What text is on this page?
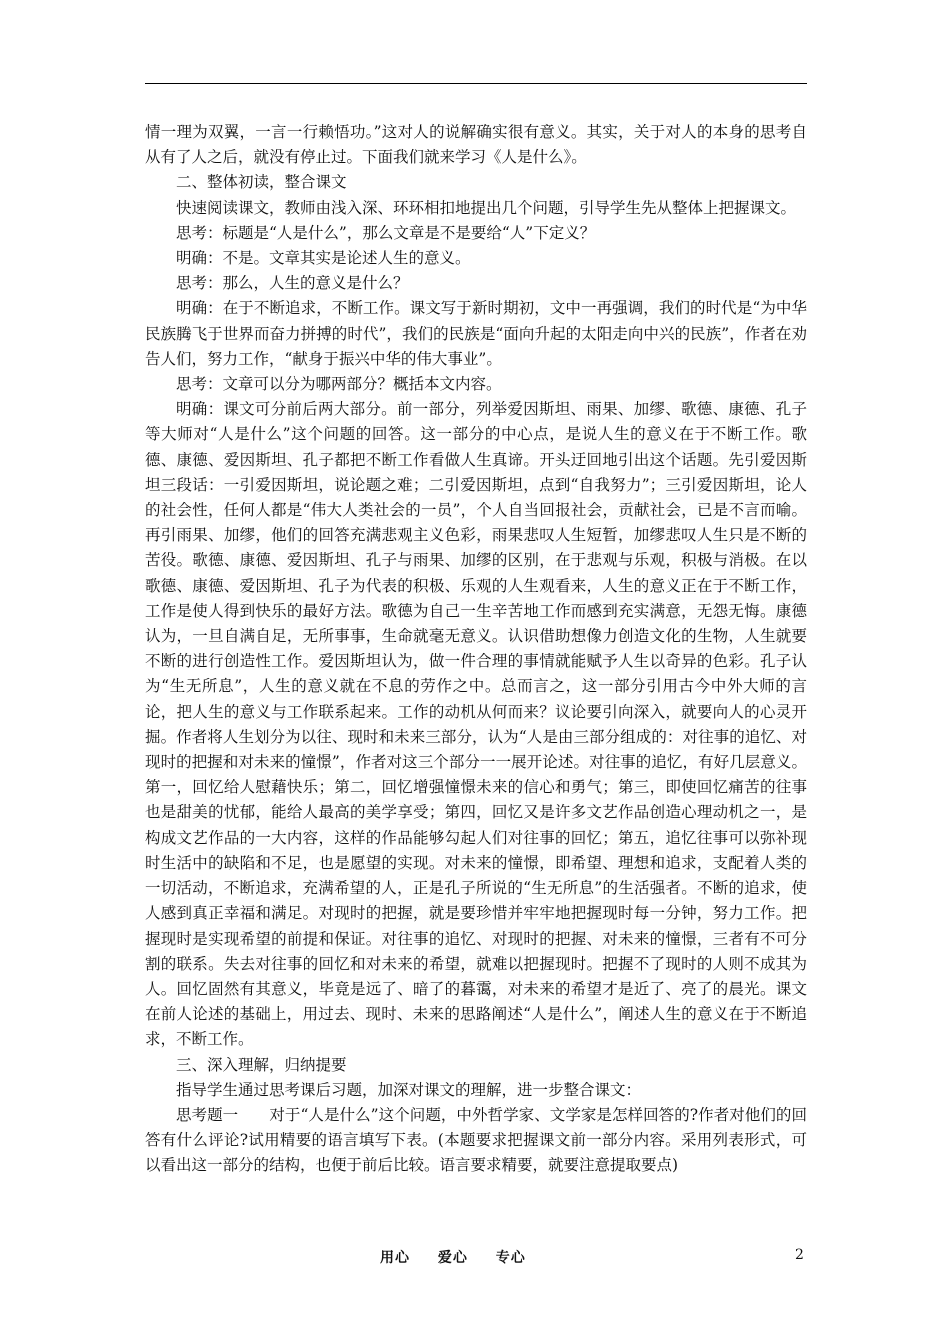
情一理为双翼，一言一行赖悟功。”这对人的说解确实很有意义。其实，关于对人的本身的思考自从有了人之后，就没有停止过。下面我们就来学习《人是什么》。

二、整体初读，整合课文

快速阅读课文，教师由浅入深、环环相扣地提出几个问题，引导学生先从整体上把握课文。

思考：标题是“人是什么”，那么文章是不是要给“人”下定义？

明确：不是。文章其实是论述人生的意义。

思考：那么，人生的意义是什么？

明确：在于不断追求，不断工作。课文写于新时期初，文中一再强调，我们的时代是“为中华民族腾飞于世界而奋力拼搏的时代”，我们的民族是“面向升起的太阳走向中兴的民族”，作者在劝告人们，努力工作，“献身于振兴中华的伟大事业”。

思考：文章可以分为哪两部分？概括本文内容。

明确：课文可分前后两大部分。前一部分，列举爱因斯坦、雨果、加缪、歌德、康德、孔子等大师对“人是什么”这个问题的回答。这一部分的中心点，是说人生的意义在于不断工作。歌德、康德、爱因斯坦、孔子都把不断工作看做人生真谛。开头迂回地引出这个话题。先引爱因斯坦三段话：一引爱因斯坦，说论题之难；二引爱因斯坦，点到“自我努力”；三引爱因斯坦，论人的社会性，任何人都是“伟大人类社会的一员”，个人自当回报社会，贡献社会，已是不言而喻。再引雨果、加缪，他们的回答充满悲观主义色彩，雨果悲叹人生短暂，加缪悲叹人生只是不断的苦役。歌德、康德、爱因斯坦、孔子与雨果、加缪的区别，在于悲观与乐观，积极与消极。在以歌德、康德、爱因斯坦、孔子为代表的积极、乐观的人生观看来，人生的意义正在于不断工作，工作是使人得到快乐的最好方法。歌德为自己一生辛苦地工作而感到充实满意，无怨无悔。康德认为，一旦自满自足，无所事事，生命就毫无意义。认识借助想像力创造文化的生物，人生就要不断的进行创造性工作。爱因斯坦认为，做一件合理的事情就能赋予人生以奇异的色彩。孔子认为“生无所息”，人生的意义就在不息的劳作之中。总而言之，这一部分引用古今中外大师的言论，把人生的意义与工作联系起来。工作的动机从何而来？议论要引向深入，就要向人的心灵开掘。作者将人生划分为以往、现时和未来三部分，认为“人是由三部分组成的：对往事的追忆、对现时的把握和对未来的憧憬”，作者对这三个部分一一展开论述。对往事的追忆，有好几层意义。第一，回忆给人慰藉快乐；第二，回忆增强憧憬未来的信心和勇气；第三，即使回忆痛苦的往事也是甜美的忧郁，能给人最高的美学享受；第四，回忆又是许多文艺作品创造心理动机之一，是构成文艺作品的一大内容，这样的作品能够勾起人们对往事的回忆；第五，追忆往事可以弥补现时生活中的缺陷和不足，也是愿望的实现。对未来的憧憬，即希望、理想和追求，支配着人类的一切活动，不断追求，充满希望的人，正是孔子所说的“生无所息”的生活强者。不断的追求，使人感到真正幸福和满足。对现时的把握，就是要珍惜并牢牢地把握现时每一分钟，努力工作。把握现时是实现希望的前提和保证。对往事的追忆、对现时的把握、对未来的憧憬，三者有不可分割的联系。失去对往事的回忆和对未来的希望，就难以把握现时。把握不了现时的人则不成其为人。回忆固然有其意义，毕竟是远了、暗了的暮霭，对未来的希望才是近了、亮了的晨光。课文在前人论述的基础上，用过去、现时、未来的思路阐述“人是什么”，阐述人生的意义在于不断追求，不断工作。

三、深入理解，归纳提要

指导学生通过思考课后习题，加深对课文的理解，进一步整合课文：

思考题一　　对于“人是什么”这个问题，中外哲学家、文学家是怎样回答的?作者对他们的回答有什么评论?试用精要的语言填写下表。(本题要求把握课文前一部分内容。采用列表形式，可以看出这一部分的结构，也便于前后比较。语言要求精要，就要注意提取要点)

用心 爱心 专心	2
